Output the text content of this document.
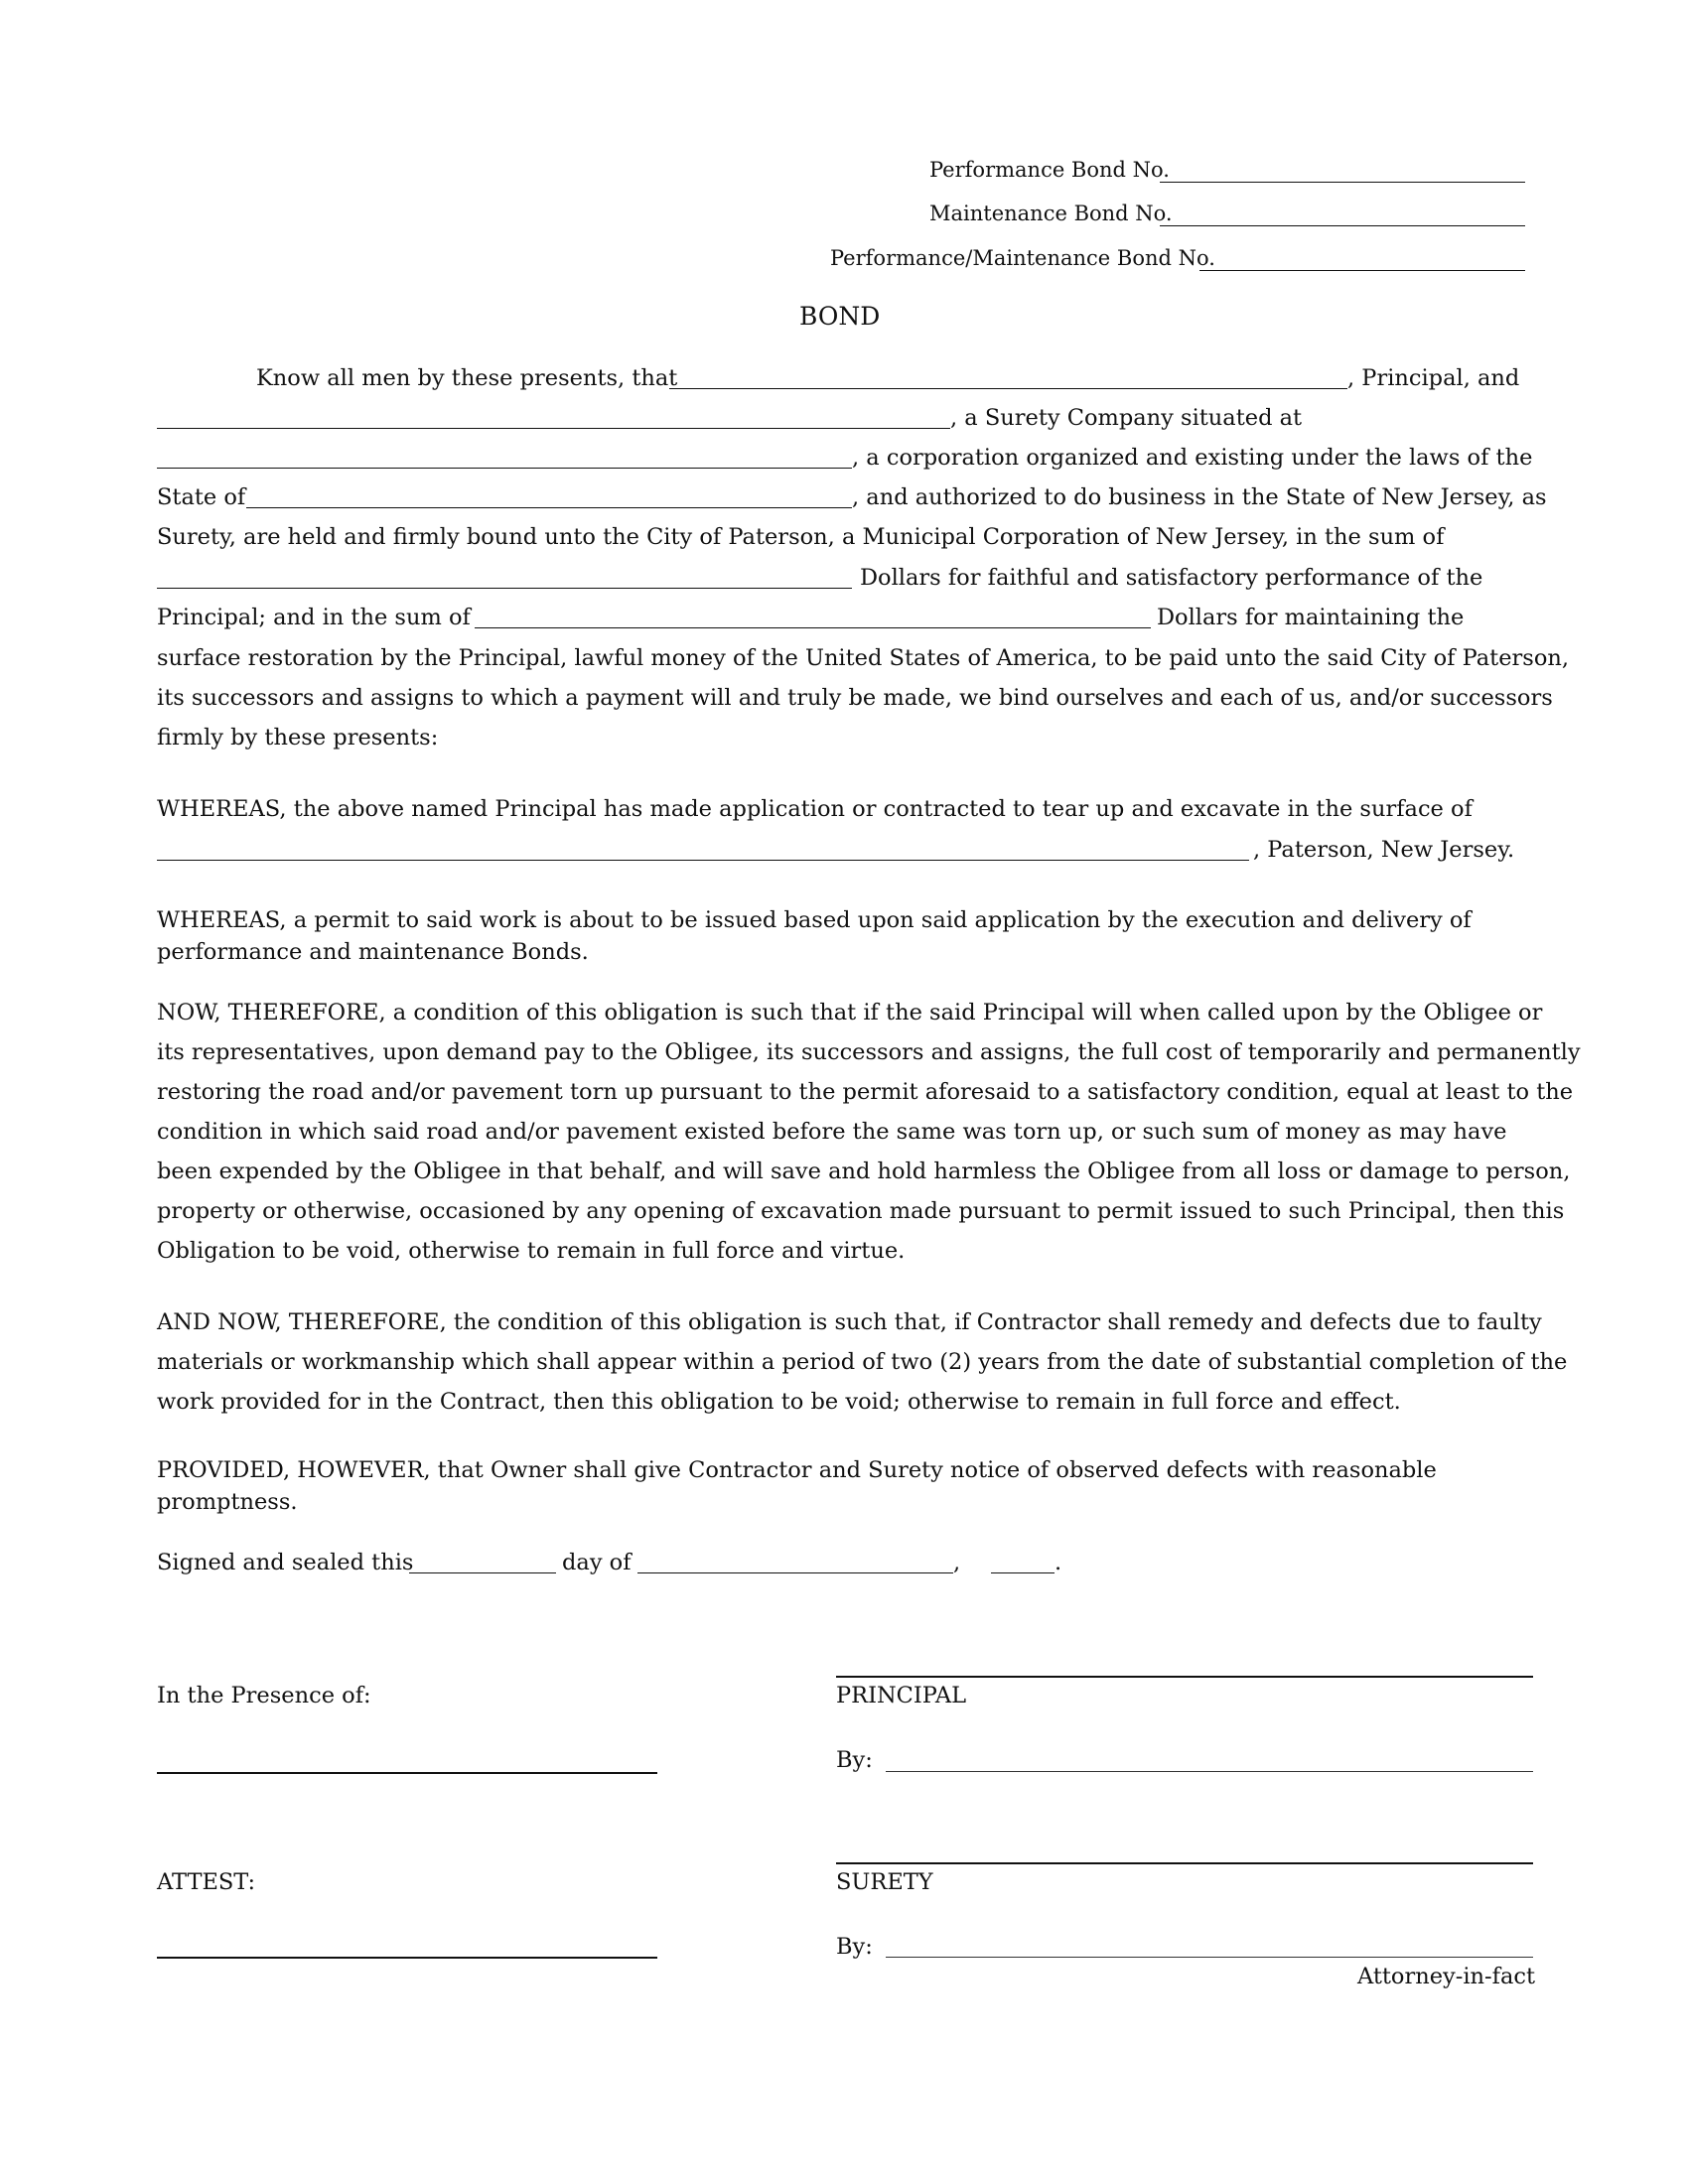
Performance Bond No.
Maintenance Bond No.
Performance/Maintenance Bond No.
BOND
Know all men by these presents, that	, Principal, and
, a Surety Company situated at
, a corporation organized and existing under the laws of the
State of	, and authorized to do business in the State of New Jersey, as
Surety, are held and firmly bound unto the City of Paterson, a Municipal Corporation of New Jersey, in the sum of
Dollars for faithful and satisfactory performance of the
Principal; and in the sum of	Dollars for maintaining the
surface restoration by the Principal, lawful money of the United States of America, to be paid unto the said City of Paterson,
its successors and assigns to which a payment will and truly be made, we bind ourselves and each of us, and/or successors
firmly by these presents:
WHEREAS, the above named Principal has made application or contracted to tear up and excavate in the surface of
, Paterson, New Jersey.
WHEREAS, a permit to said work is about to be issued based upon said application by the execution and delivery of
performance and maintenance Bonds.
NOW, THEREFORE, a condition of this obligation is such that if the said Principal will when called upon by the Obligee or
its representatives, upon demand pay to the Obligee, its successors and assigns, the full cost of temporarily and permanently
restoring the road and/or pavement torn up pursuant to the permit aforesaid to a satisfactory condition, equal at least to the
condition in which said road and/or pavement existed before the same was torn up, or such sum of money as may have
been expended by the Obligee in that behalf, and will save and hold harmless the Obligee from all loss or damage to person,
property or otherwise, occasioned by any opening of excavation made pursuant to permit issued to such Principal, then this
Obligation to be void, otherwise to remain in full force and virtue.
AND NOW, THEREFORE, the condition of this obligation is such that, if Contractor shall remedy and defects due to faulty
materials or workmanship which shall appear within a period of two (2) years from the date of substantial completion of the
work provided for in the Contract, then this obligation to be void; otherwise to remain in full force and effect.
PROVIDED, HOWEVER, that Owner shall give Contractor and Surety notice of observed defects with reasonable
promptness.
Signed and sealed this	day of	,	.
In the Presence of:	PRINCIPAL
By:
ATTEST:	SURETY
By:
Attorney-in-fact
